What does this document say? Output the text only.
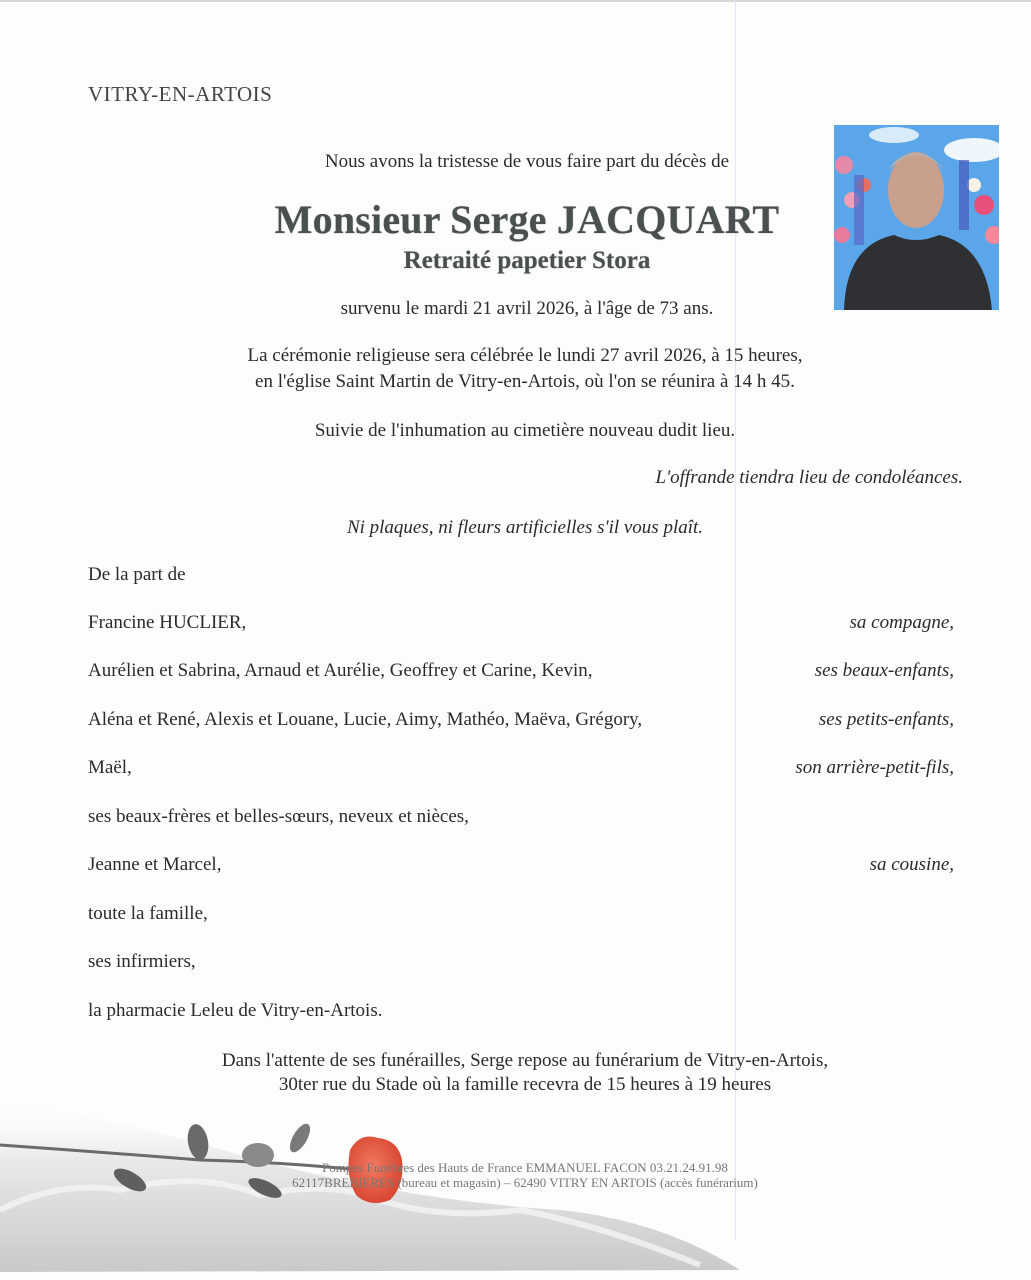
VITRY-EN-ARTOIS
Nous avons la tristesse de vous faire part du décès de
Monsieur Serge JACQUART
Retraité papetier Stora
survenu le mardi 21 avril 2026, à l'âge de 73 ans.
La cérémonie religieuse sera célébrée le lundi 27 avril 2026, à 15 heures,
en l'église Saint Martin de Vitry-en-Artois, où l'on se réunira à 14 h 45.
Suivie de l'inhumation au cimetière nouveau dudit lieu.
L'offrande tiendra lieu de condoléances.
Ni plaques, ni fleurs artificielles s'il vous plaît.
De la part de
Francine HUCLIER,	sa compagne,
Aurélien et Sabrina, Arnaud et Aurélie, Geoffrey et Carine, Kevin,	ses beaux-enfants,
Aléna et René, Alexis et Louane, Lucie, Aimy, Mathéo, Maëva, Grégory,	ses petits-enfants,
Maël,	son arrière-petit-fils,
ses beaux-frères et belles-sœurs, neveux et nièces,
Jeanne et Marcel,	sa cousine,
toute la famille,
ses infirmiers,
la pharmacie Leleu de Vitry-en-Artois.
Dans l'attente de ses funérailles, Serge repose au funérarium de Vitry-en-Artois,
30ter rue du Stade où la famille recevra de 15 heures à 19 heures
Pompes Funèbres des Hauts de France EMMANUEL FACON 03.21.24.91.98
62117BREBIERES (bureau et magasin) – 62490 VITRY EN ARTOIS (accès funérarium)
